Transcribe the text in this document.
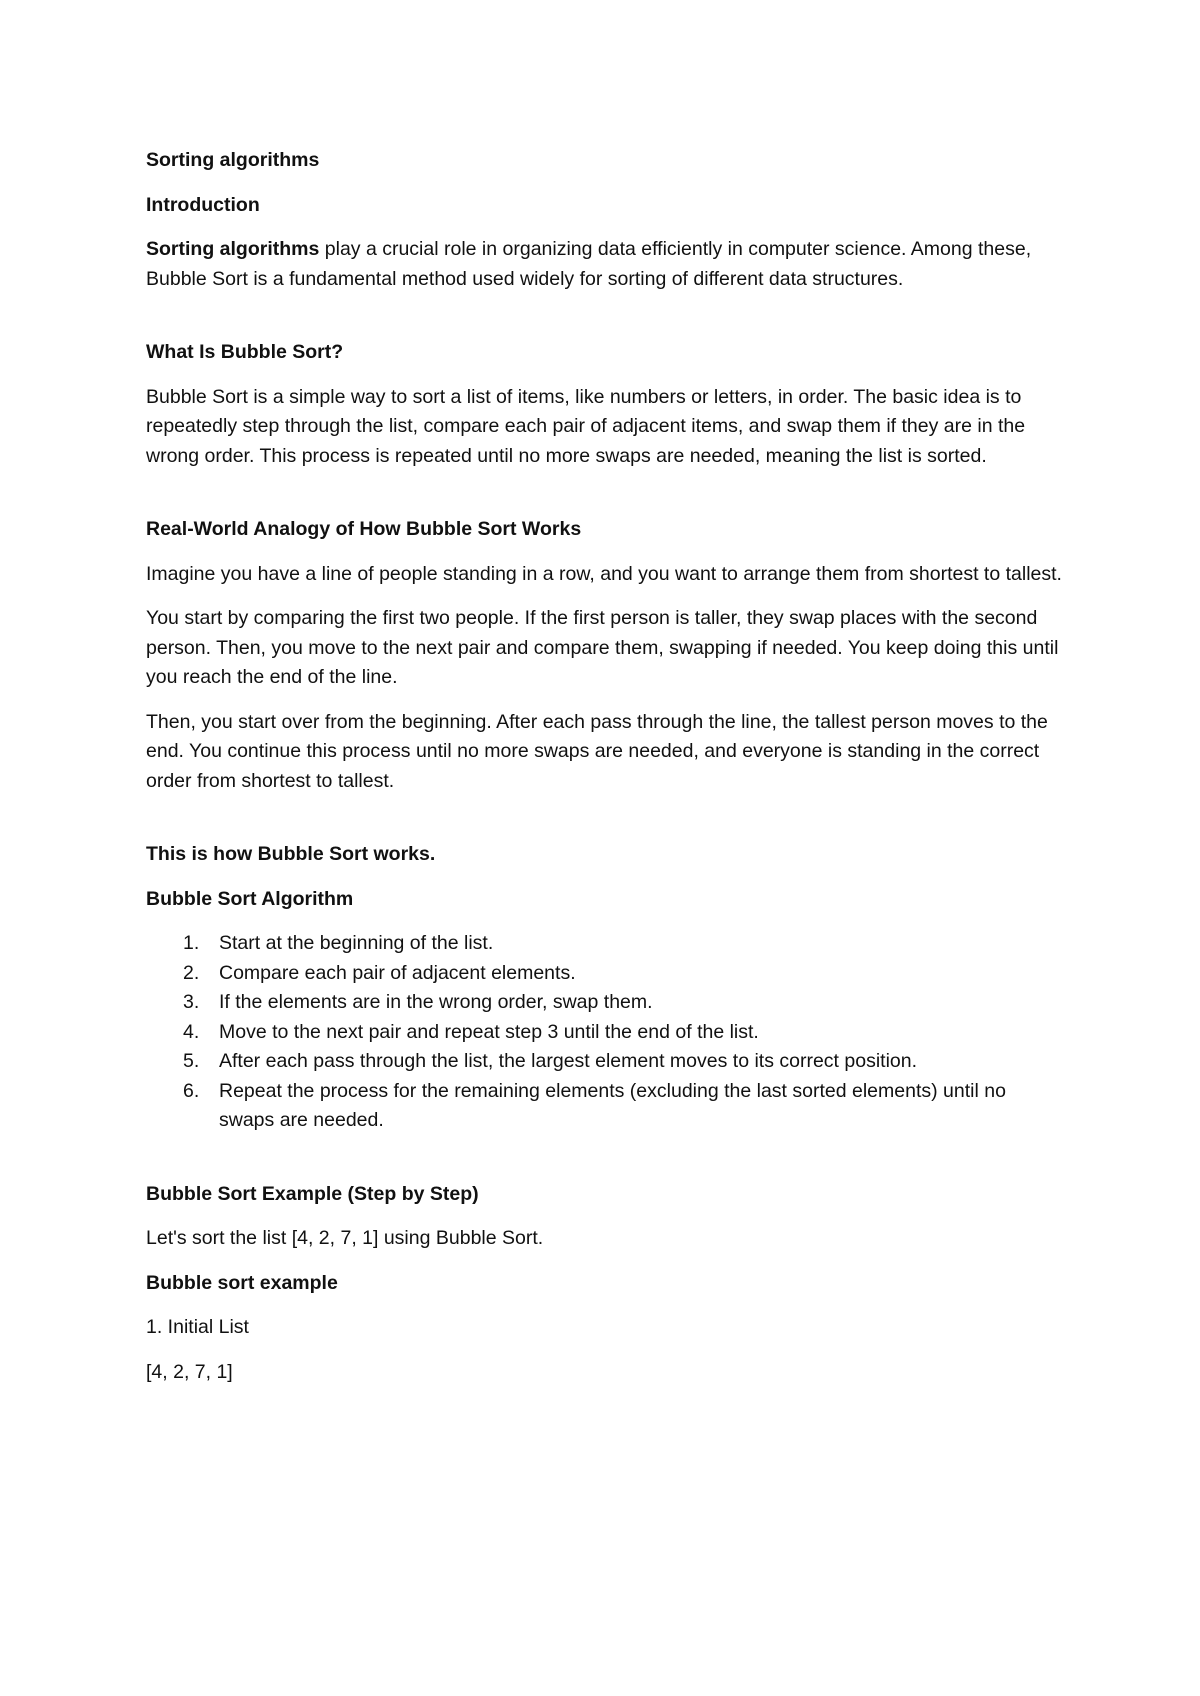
Sorting algorithms

Introduction

Sorting algorithms play a crucial role in organizing data efficiently in computer science. Among these, Bubble Sort is a fundamental method used widely for sorting of different data structures.

What Is Bubble Sort?

Bubble Sort is a simple way to sort a list of items, like numbers or letters, in order. The basic idea is to repeatedly step through the list, compare each pair of adjacent items, and swap them if they are in the wrong order. This process is repeated until no more swaps are needed, meaning the list is sorted.

Real-World Analogy of How Bubble Sort Works

Imagine you have a line of people standing in a row, and you want to arrange them from shortest to tallest.

You start by comparing the first two people. If the first person is taller, they swap places with the second person. Then, you move to the next pair and compare them, swapping if needed. You keep doing this until you reach the end of the line.

Then, you start over from the beginning. After each pass through the line, the tallest person moves to the end. You continue this process until no more swaps are needed, and everyone is standing in the correct order from shortest to tallest.

This is how Bubble Sort works.

Bubble Sort Algorithm

1. Start at the beginning of the list.
2. Compare each pair of adjacent elements.
3. If the elements are in the wrong order, swap them.
4. Move to the next pair and repeat step 3 until the end of the list.
5. After each pass through the list, the largest element moves to its correct position.
6. Repeat the process for the remaining elements (excluding the last sorted elements) until no swaps are needed.

Bubble Sort Example (Step by Step)

Let's sort the list [4, 2, 7, 1] using Bubble Sort.

Bubble sort example

1. Initial List

[4, 2, 7, 1]
